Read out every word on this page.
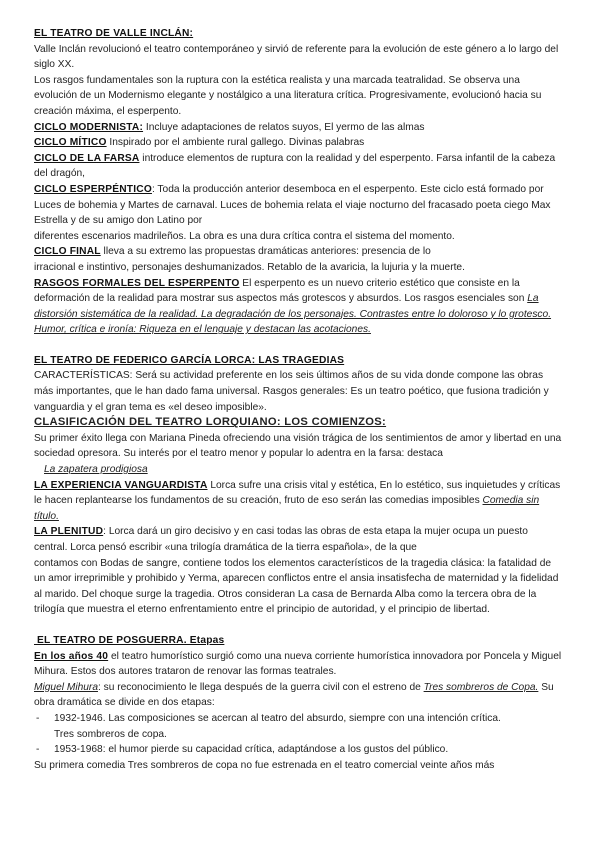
EL TEATRO DE VALLE INCLÁN:

Valle Inclán revolucionó el teatro contemporáneo y sirvió de referente para la evolución de este género a lo largo del siglo XX.

Los rasgos fundamentales son la ruptura con la estética realista y una marcada teatralidad. Se observa una evolución de un Modernismo elegante y nostálgico a una literatura crítica. Progresivamente, evolucionó hacia su creación máxima, el esperpento.

CICLO MODERNISTA: Incluye adaptaciones de relatos suyos, El yermo de las almas

CICLO MÍTICO Inspirado por el ambiente rural gallego. Divinas palabras

CICLO DE LA FARSA introduce elementos de ruptura con la realidad y del esperpento. Farsa infantil de la cabeza del dragón,

CICLO ESPERPÉNTICO: Toda la producción anterior desemboca en el esperpento. Este ciclo está formado por Luces de bohemia y Martes de carnaval. Luces de bohemia relata el viaje nocturno del fracasado poeta ciego Max Estrella y de su amigo don Latino por

diferentes escenarios madrileños. La obra es una dura crítica contra el sistema del momento.

CICLO FINAL lleva a su extremo las propuestas dramáticas anteriores: presencia de lo

irracional e instintivo, personajes deshumanizados. Retablo de la avaricia, la lujuria y la muerte.

RASGOS FORMALES DEL ESPERPENTO El esperpento es un nuevo criterio estético que consiste en la deformación de la realidad para mostrar sus aspectos más grotescos y absurdos. Los rasgos esenciales son La distorsión sistemática de la realidad. La degradación de los personajes. Contrastes entre lo doloroso y lo grotesco. Humor, crítica e ironía: Riqueza en el lenguaje y destacan las acotaciones.

EL TEATRO DE FEDERICO GARCÍA LORCA: LAS TRAGEDIAS

CARACTERÍSTICAS: Será su actividad preferente en los seis últimos años de su vida donde compone las obras más importantes, que le han dado fama universal. Rasgos generales: Es un teatro poético, que fusiona tradición y vanguardia y el gran tema es «el deseo imposible».

CLASIFICACIÓN DEL TEATRO LORQUIANO: LOS COMIENZOS:

Su primer éxito llega con Mariana Pineda ofreciendo una visión trágica de los sentimientos de amor y libertad en una sociedad opresora. Su interés por el teatro menor y popular lo adentra en la farsa: destaca

La zapatera prodigiosa

LA EXPERIENCIA VANGUARDISTA Lorca sufre una crisis vital y estética, En lo estético, sus inquietudes y críticas le hacen replantearse los fundamentos de su creación, fruto de eso serán las comedias imposibles Comedia sin título.

LA PLENITUD: Lorca dará un giro decisivo y en casi todas las obras de esta etapa la mujer ocupa un puesto central. Lorca pensó escribir «una trilogía dramática de la tierra española», de la que

contamos con Bodas de sangre, contiene todos los elementos característicos de la tragedia clásica: la fatalidad de un amor irreprimible y prohibido y Yerma, aparecen conflictos entre el ansia insatisfecha de maternidad y la fidelidad al marido. Del choque surge la tragedia. Otros consideran La casa de Bernarda Alba como la tercera obra de la trilogía que muestra el eterno enfrentamiento entre el principio de autoridad, y el principio de libertad.

EL TEATRO DE POSGUERRA. Etapas

En los años 40 el teatro humorístico surgió como una nueva corriente humorística innovadora por Poncela y Miguel Mihura. Estos dos autores trataron de renovar las formas teatrales.

Miguel Mihura: su reconocimiento le llega después de la guerra civil con el estreno de Tres sombreros de Copa. Su obra dramática se divide en dos etapas:

- 1932-1946. Las composiciones se acercan al teatro del absurdo, siempre con una intención crítica.
Tres sombreros de copa.
- 1953-1968: el humor pierde su capacidad crítica, adaptándose a los gustos del público.

Su primera comedia Tres sombreros de copa no fue estrenada en el teatro comercial veinte años más
